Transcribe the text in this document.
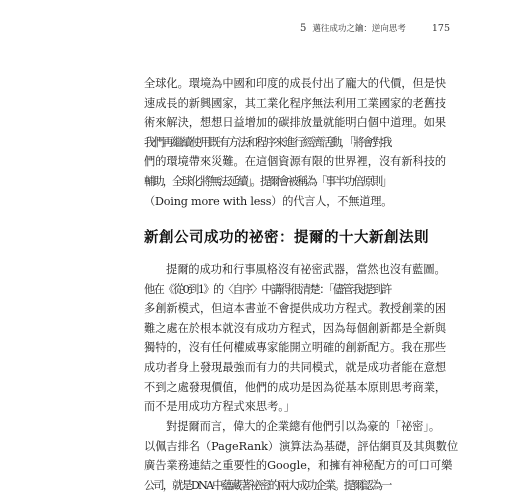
5 邁往成功之鑰：逆向思考	175
全球化。環境為中國和印度的成長付出了龐大的代價，但是快
速成長的新興國家，其工業化程序無法利用工業國家的老舊技
術來解決，想想日益增加的碳排放量就能明白個中道理。如果
我們再繼續使用既有方法和程序來進行經濟活動，「將會對我
們的環境帶來災難。在這個資源有限的世界裡，沒有新科技的
輔助，全球化將無法延續」。提爾會被稱為「事半功倍原則」
（Doing more with less）的代言人，不無道理。
新創公司成功的祕密：提爾的十大新創法則
提爾的成功和行事風格沒有祕密武器，當然也沒有藍圖。
他在《從0到1》的〈自序〉中講得很清楚：「儘管我提到許
多創新模式，但這本書並不會提供成功方程式。教授創業的困
難之處在於根本就沒有成功方程式，因為每個創新都是全新與
獨特的，沒有任何權威專家能開立明確的創新配方。我在那些
成功者身上發現最強而有力的共同模式，就是成功者能在意想
不到之處發現價值，他們的成功是因為從基本原則思考商業，
而不是用成功方程式來思考。」
對提爾而言，偉大的企業總有他們引以為豪的「祕密」。
以佩吉排名（PageRank）演算法為基礎，評估網頁及其與數位
廣告業務連結之重要性的Google，和擁有神秘配方的可口可樂
公司，就是DNA中蘊藏著祕密的兩大成功企業。提爾認為一
